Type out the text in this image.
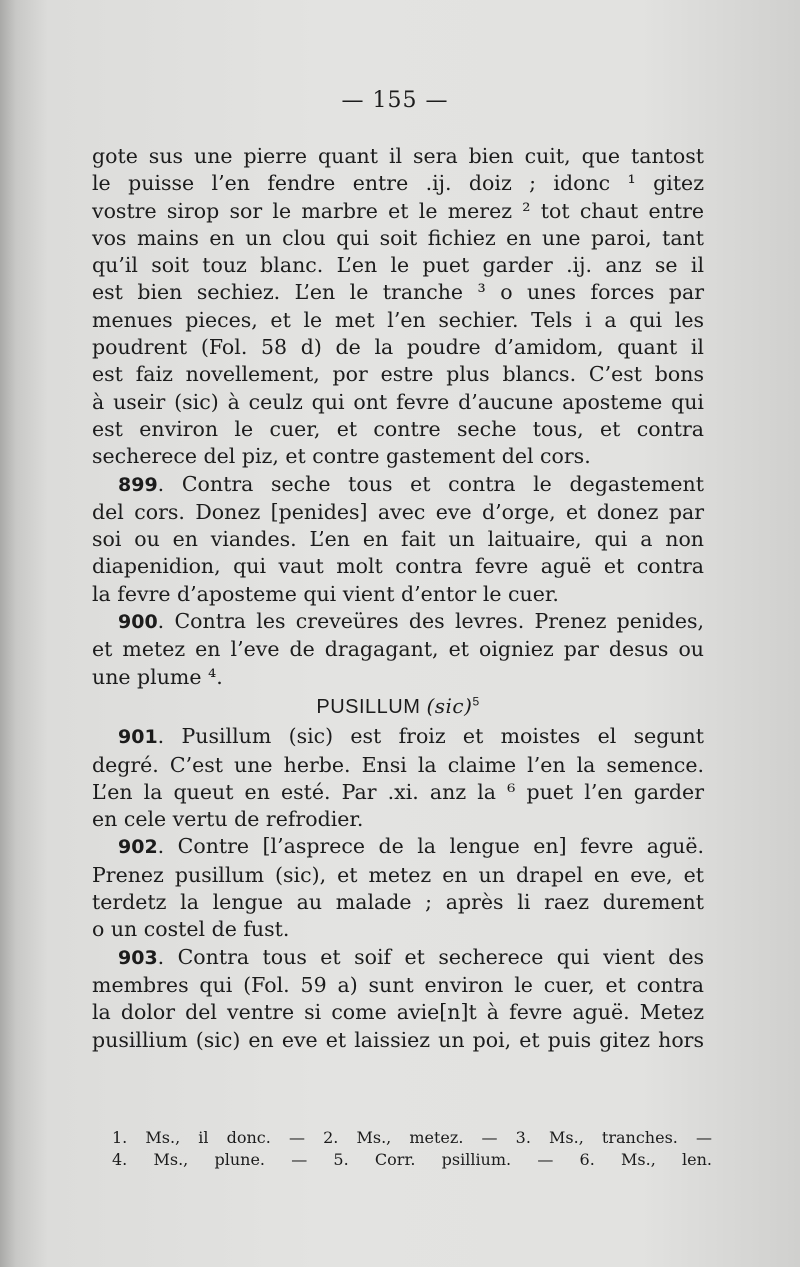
— 155 —
gote sus une pierre quant il sera bien cuit, que tantost
le puisse l’en fendre entre .ij. doiz ; idonc ¹ gitez
vostre sirop sor le marbre et le merez ² tot chaut entre
vos mains en un clou qui soit fichiez en une paroi, tant
qu’il soit touz blanc. L’en le puet garder .ij. anz se il
est bien sechiez. L’en le tranche ³ o unes forces par
menues pieces, et le met l’en sechier. Tels i a qui les
poudrent (Fol. 58 d) de la poudre d’amidom, quant il
est faiz novellement, por estre plus blancs. C’est bons
à useir (sic) à ceulz qui ont fevre d’aucune aposteme qui
est environ le cuer, et contre seche tous, et contra
secherece del piz, et contre gastement del cors.
899. Contra seche tous et contra le degastement
del cors. Donez [penides] avec eve d’orge, et donez par
soi ou en viandes. L’en en fait un laituaire, qui a non
diapenidion, qui vaut molt contra fevre aguë et contra
la fevre d’aposteme qui vient d’entor le cuer.
900. Contra les creveüres des levres. Prenez penides,
et metez en l’eve de dragagant, et oigniez par desus ou
une plume ⁴.
PUSILLUM (sic)$^5$
901. Pusillum (sic) est froiz et moistes el segunt
degré. C’est une herbe. Ensi la claime l’en la semence.
L’en la queut en esté. Par .xi. anz la ⁶ puet l’en garder
en cele vertu de refrodier.
902. Contre [l’asprece de la lengue en] fevre aguë.
Prenez pusillum (sic), et metez en un drapel en eve, et
terdetz la lengue au malade ; après li raez durement
o un costel de fust.
903. Contra tous et soif et secherece qui vient des
membres qui (Fol. 59 a) sunt environ le cuer, et contra
la dolor del ventre si come avie[n]t à fevre aguë. Metez
pusillium (sic) en eve et laissiez un poi, et puis gitez hors
1. Ms., il donc. — 2. Ms., metez. — 3. Ms., tranches. —
4. Ms., plune. — 5. Corr. psillium. — 6. Ms., len.
